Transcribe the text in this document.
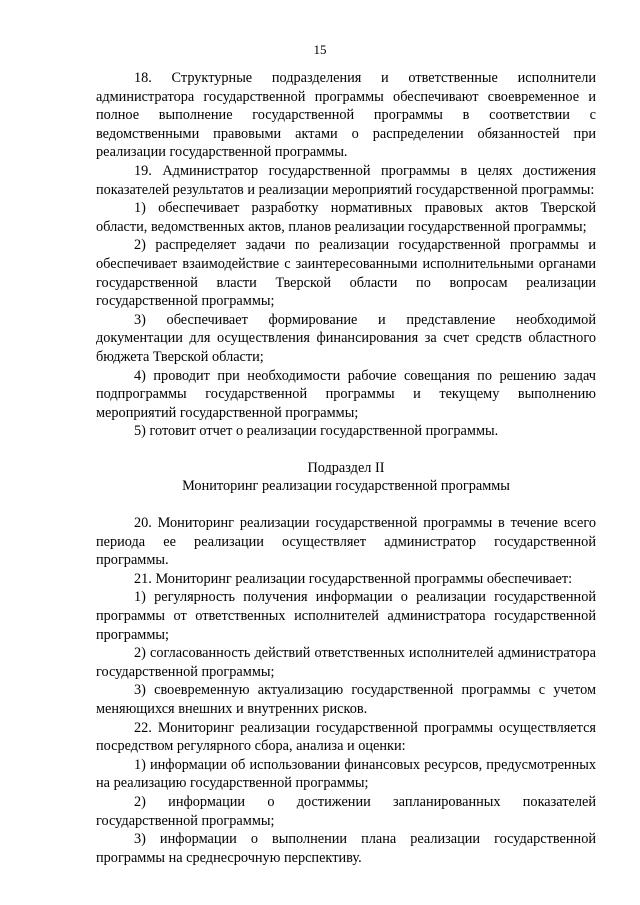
15

18. Структурные подразделения и ответственные исполнители администратора государственной программы обеспечивают своевременное и полное выполнение государственной программы в соответствии с ведомственными правовыми актами о распределении обязанностей при реализации государственной программы.

19. Администратор государственной программы в целях достижения показателей результатов и реализации мероприятий государственной программы:

1) обеспечивает разработку нормативных правовых актов Тверской области, ведомственных актов, планов реализации государственной программы;

2) распределяет задачи по реализации государственной программы и обеспечивает взаимодействие с заинтересованными исполнительными органами государственной власти Тверской области по вопросам реализации государственной программы;

3) обеспечивает формирование и представление необходимой документации для осуществления финансирования за счет средств областного бюджета Тверской области;

4) проводит при необходимости рабочие совещания по решению задач подпрограммы государственной программы и текущему выполнению мероприятий государственной программы;

5) готовит отчет о реализации государственной программы.

Подраздел II

Мониторинг реализации государственной программы

20. Мониторинг реализации государственной программы в течение всего периода ее реализации осуществляет администратор государственной программы.

21. Мониторинг реализации государственной программы обеспечивает:

1) регулярность получения информации о реализации государственной программы от ответственных исполнителей администратора государственной программы;

2) согласованность действий ответственных исполнителей администратора государственной программы;

3) своевременную актуализацию государственной программы с учетом меняющихся внешних и внутренних рисков.

22. Мониторинг реализации государственной программы осуществляется посредством регулярного сбора, анализа и оценки:

1) информации об использовании финансовых ресурсов, предусмотренных на реализацию государственной программы;

2) информации о достижении запланированных показателей государственной программы;

3) информации о выполнении плана реализации государственной программы на среднесрочную перспективу.
